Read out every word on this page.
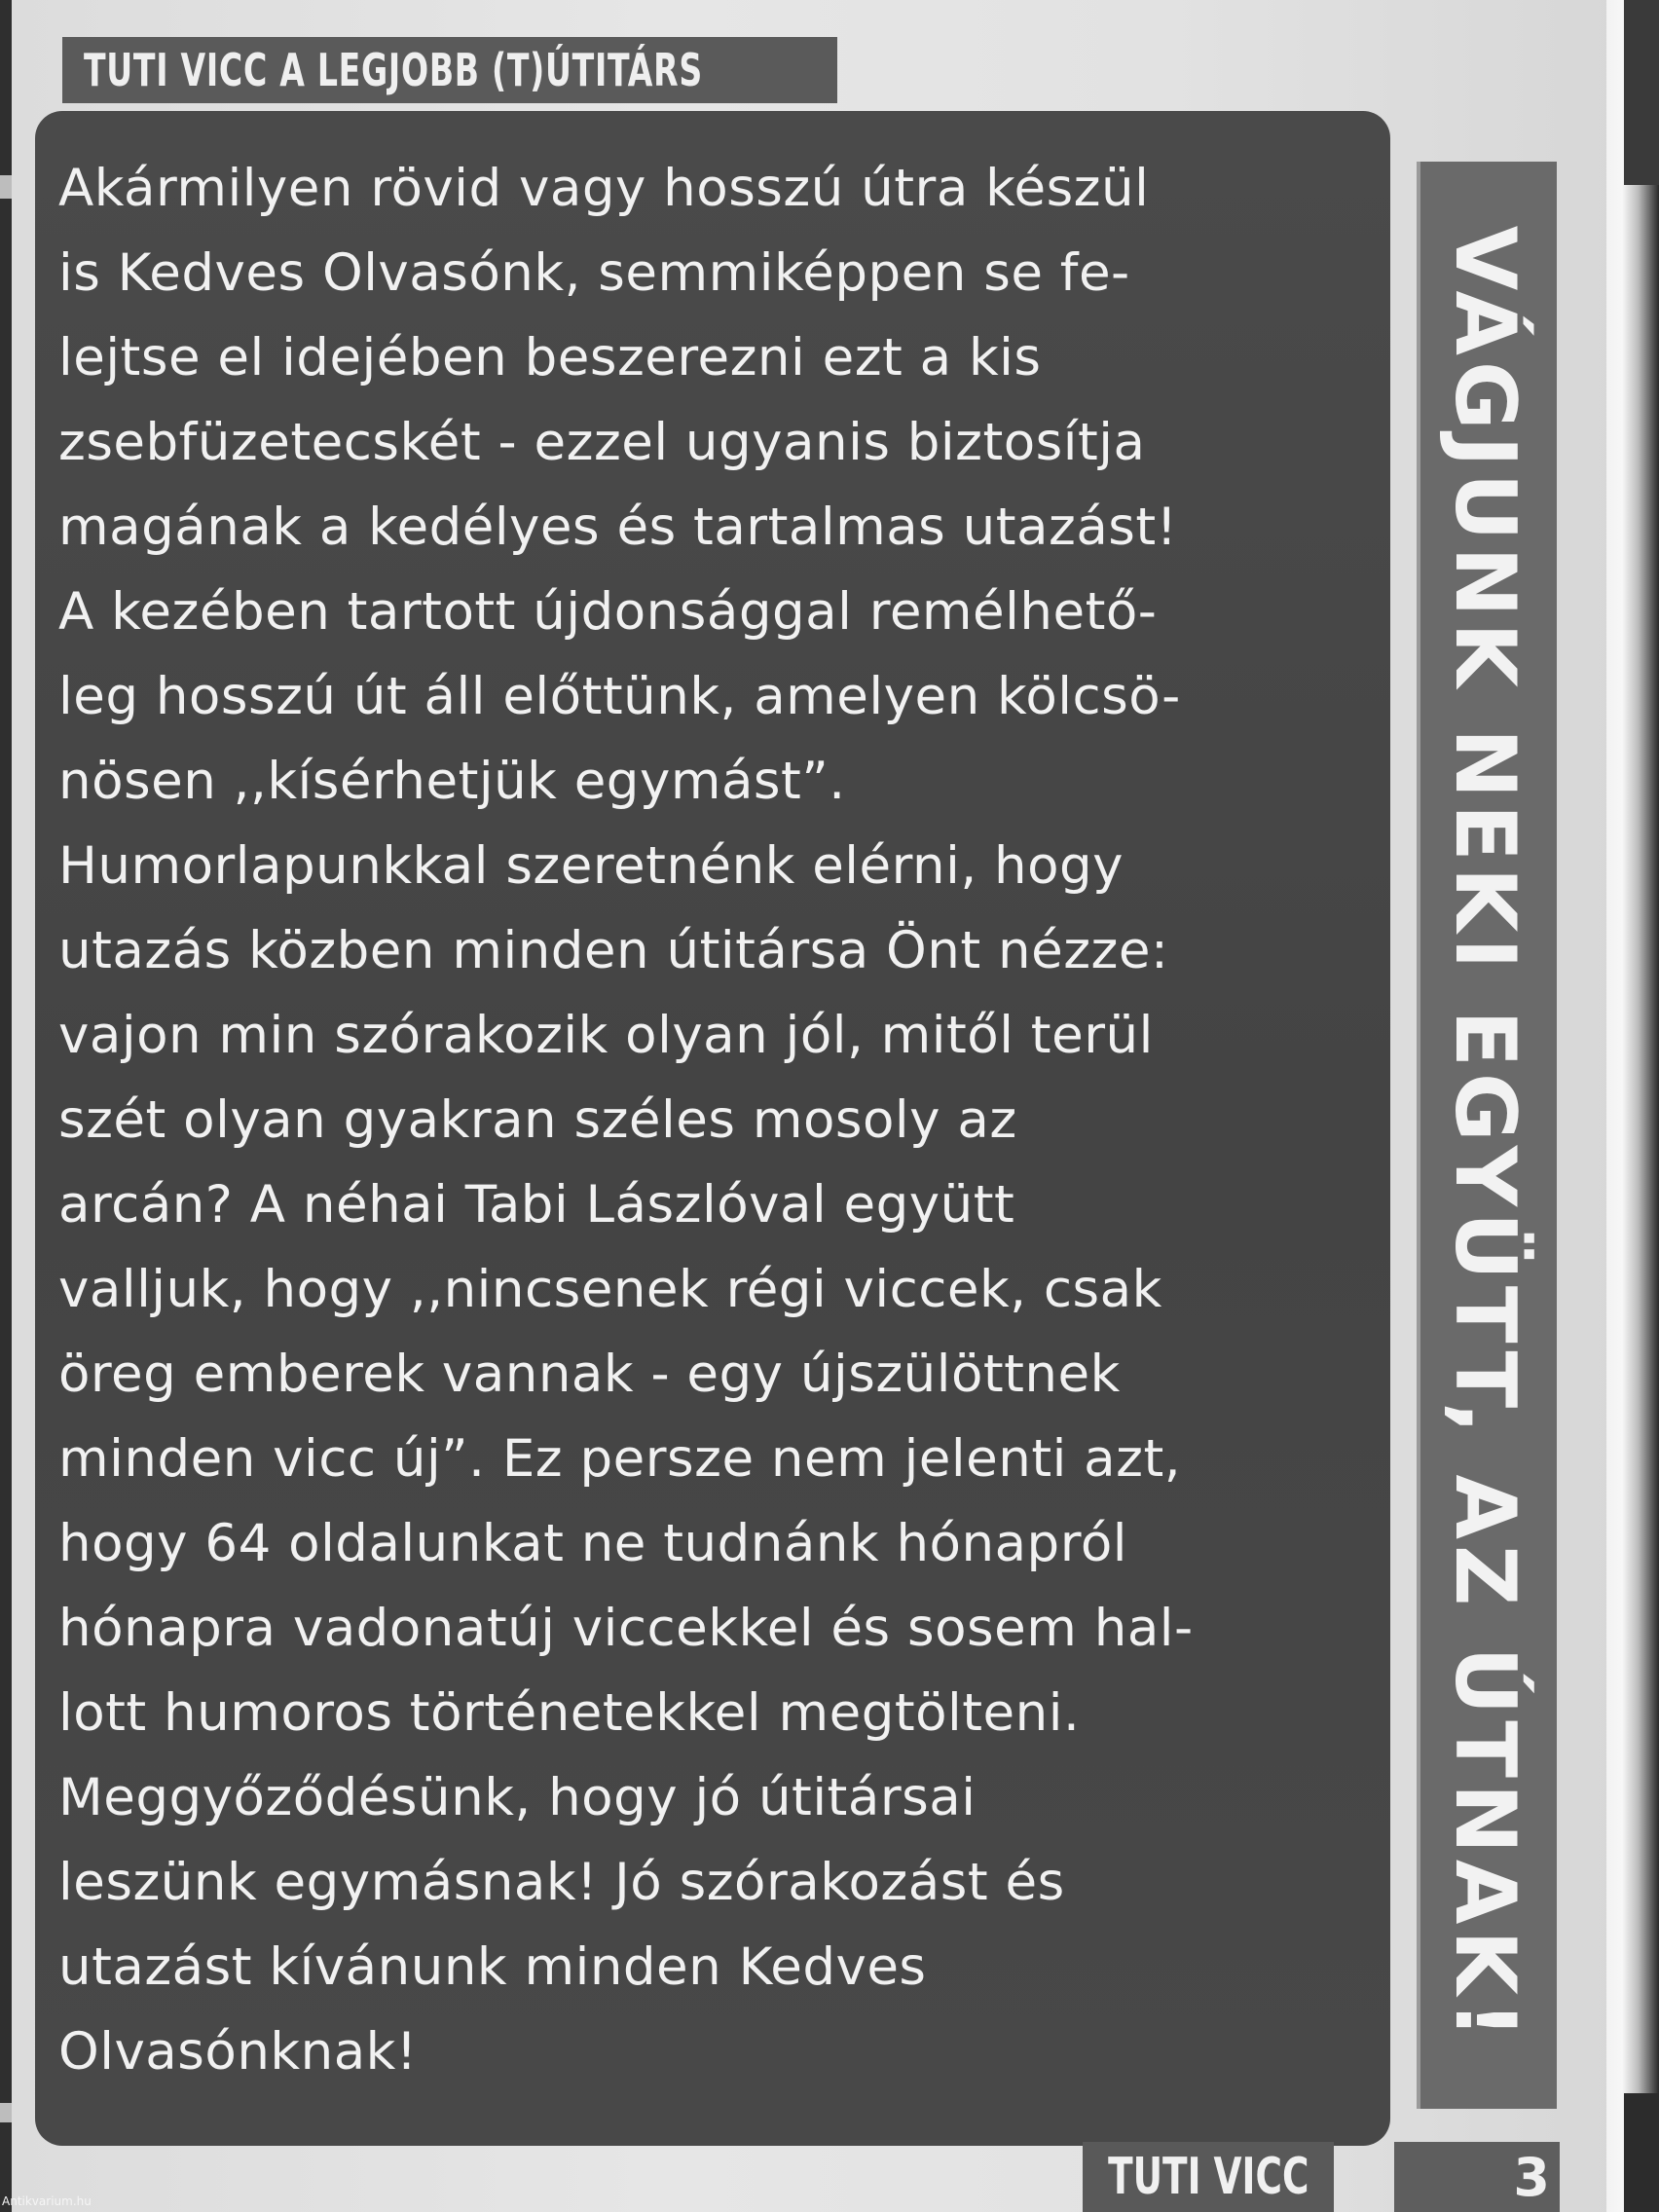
TUTI VICC A LEGJOBB (T)ÚTITÁRS

Akármilyen rövid vagy hosszú útra készül
is Kedves Olvasónk, semmiképpen se fe-
lejtse el idejében beszerezni ezt a kis
zsebfüzetecskét - ezzel ugyanis biztosítja
magának a kedélyes és tartalmas utazást!
A kezében tartott újdonsággal remélhető-
leg hosszú út áll előttünk, amelyen kölcsö-
nösen ,,kísérhetjük egymást”.
Humorlapunkkal szeretnénk elérni, hogy
utazás közben minden útitársa Önt nézze:
vajon min szórakozik olyan jól, mitől terül
szét olyan gyakran széles mosoly az
arcán? A néhai Tabi Lászlóval együtt
valljuk, hogy ,,nincsenek régi viccek, csak
öreg emberek vannak - egy újszülöttnek
minden vicc új”. Ez persze nem jelenti azt,
hogy 64 oldalunkat ne tudnánk hónapról
hónapra vadonatúj viccekkel és sosem hal-
lott humoros történetekkel megtölteni.
Meggyőződésünk, hogy jó útitársai
leszünk egymásnak! Jó szórakozást és
utazást kívánunk minden Kedves
Olvasónknak!

VÁGJUNK NEKI EGYÜTT, AZ ÚTNAK!
TUTI VICC	3
Antikvarium.hu
